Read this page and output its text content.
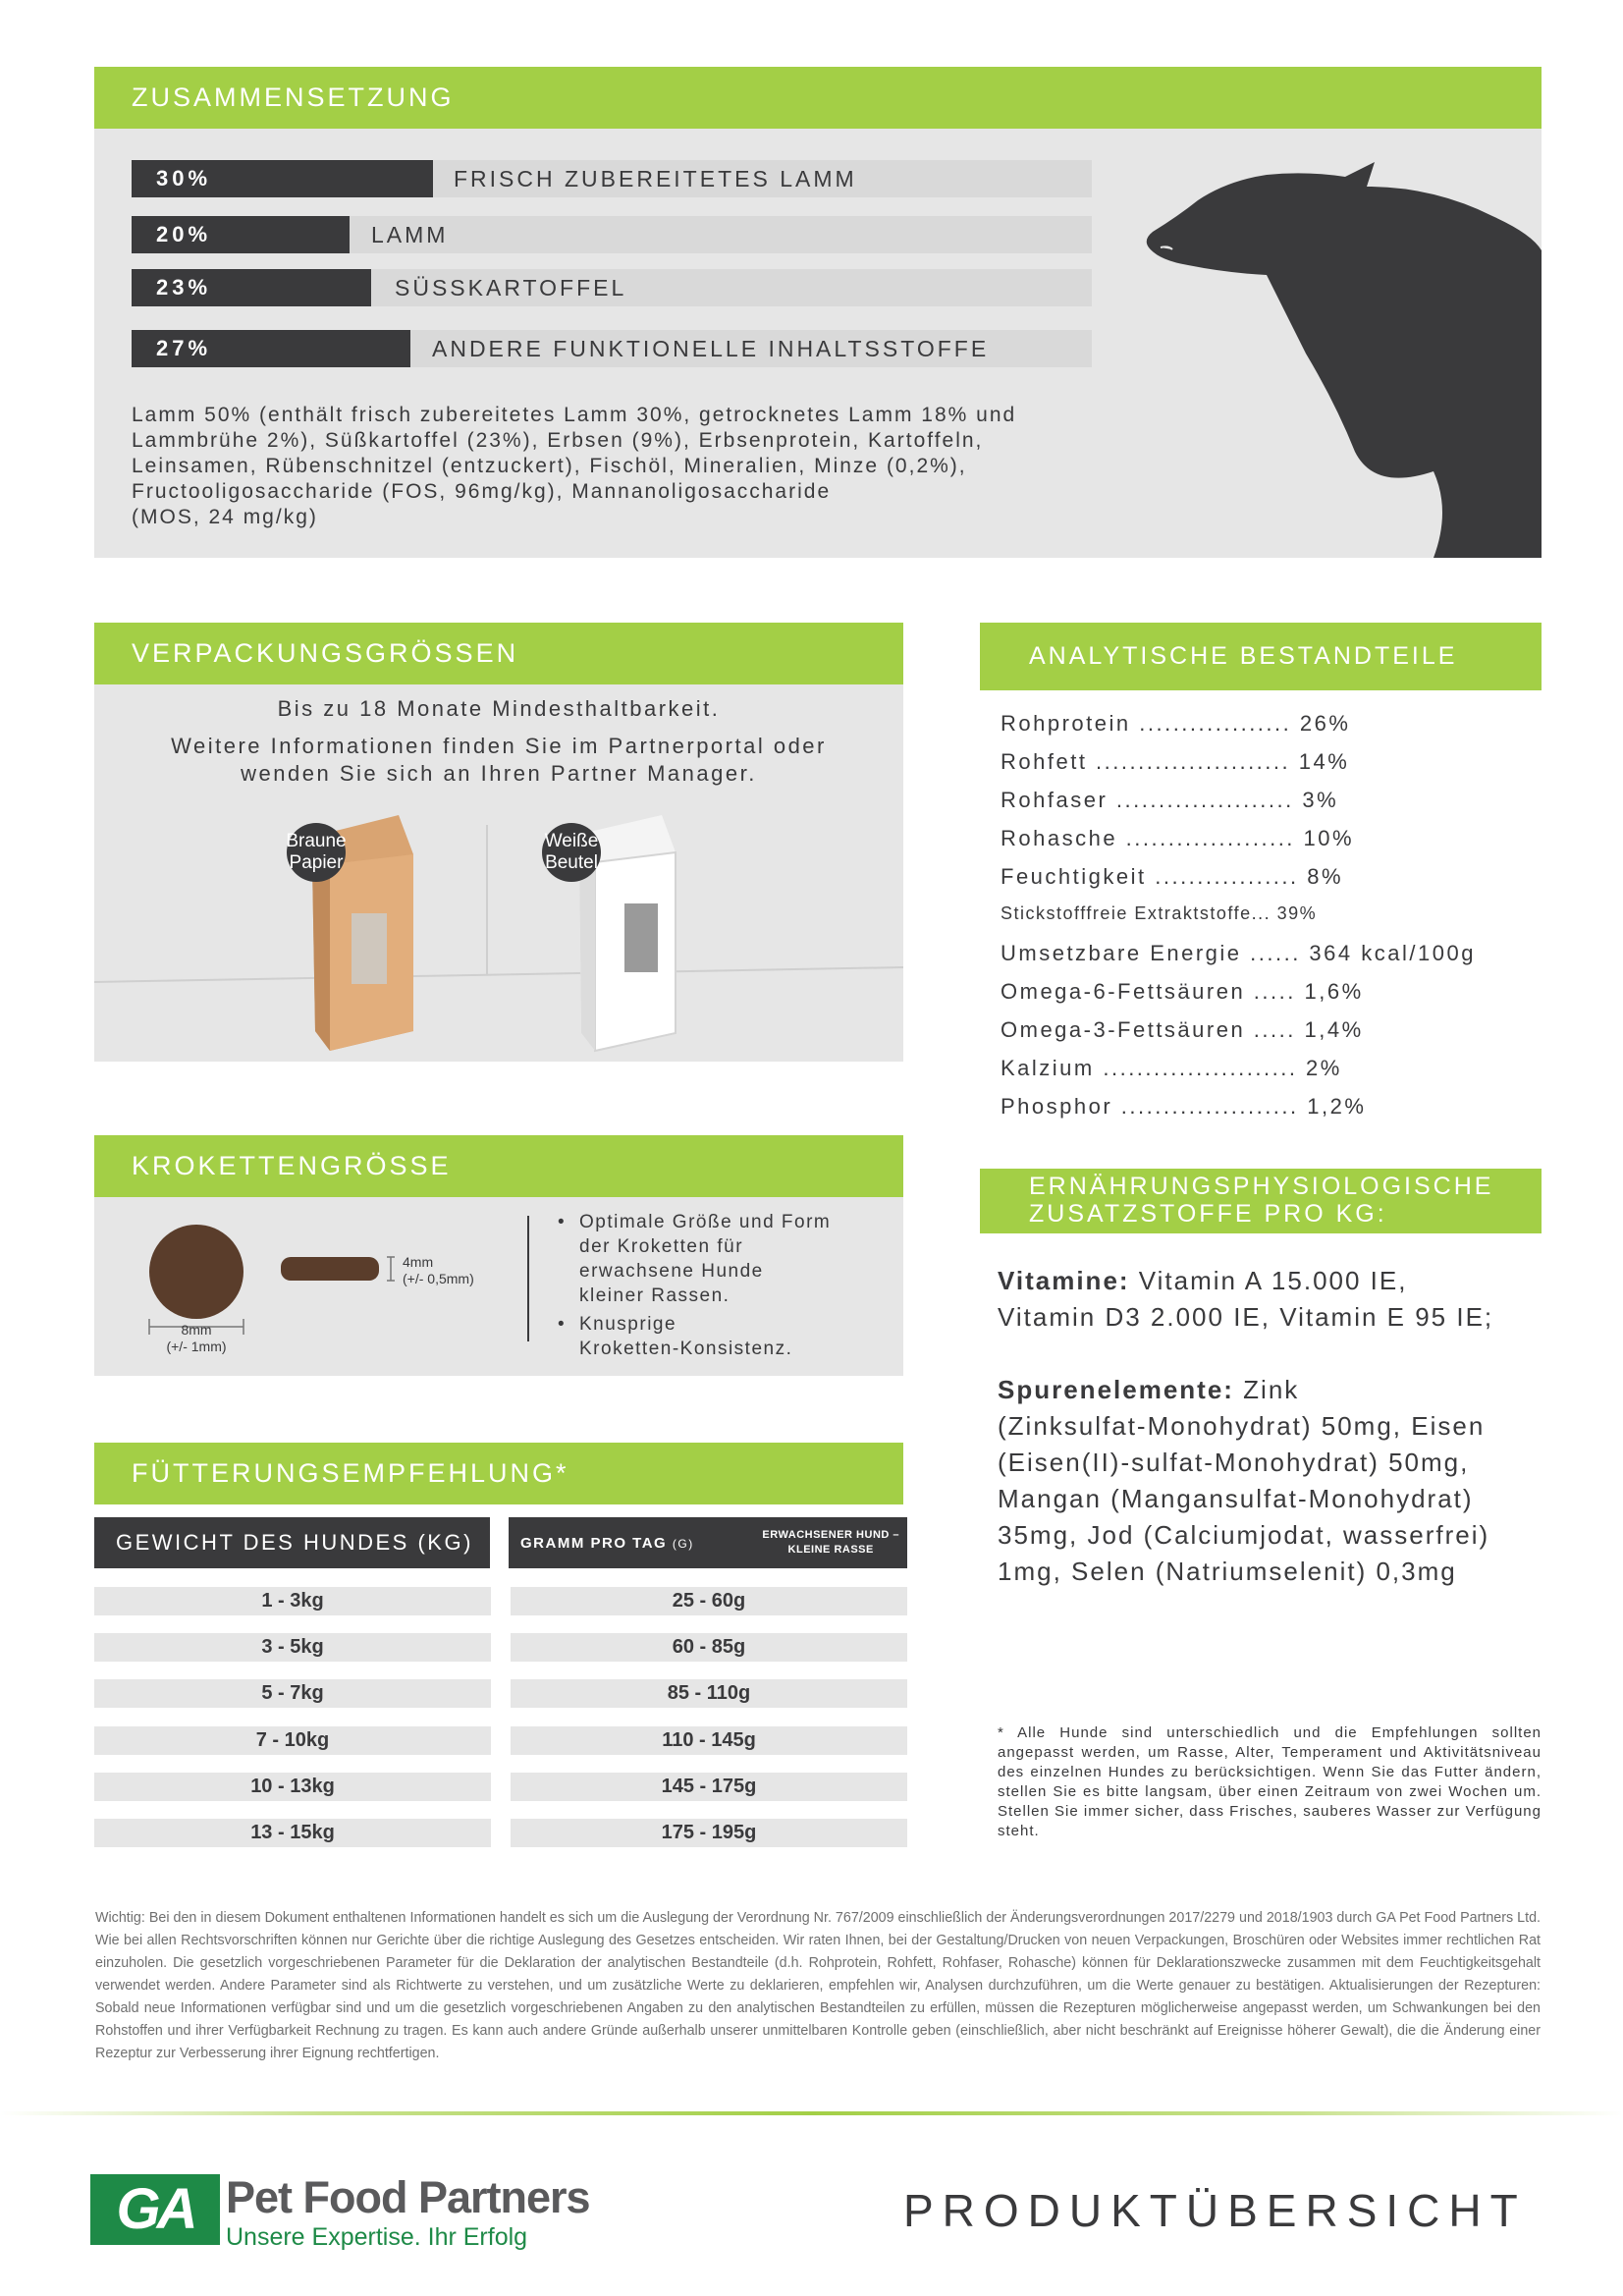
ZUSAMMENSETZUNG
30%	FRISCH ZUBEREITETES LAMM
20%	LAMM
23%	SÜSSKARTOFFEL
27%	ANDERE FUNKTIONELLE INHALTSSTOFFE
Lamm 50% (enthält frisch zubereitetes Lamm 30%, getrocknetes Lamm 18% und
Lammbrühe 2%), Süßkartoffel (23%), Erbsen (9%), Erbsenprotein, Kartoffeln,
Leinsamen, Rübenschnitzel (entzuckert), Fischöl, Mineralien, Minze (0,2%),
Fructooligosaccharide (FOS, 96mg/kg), Mannanoligosaccharide
(MOS, 24 mg/kg)
VERPACKUNGSGRÖSSEN
Bis zu 18 Monate Mindesthaltbarkeit.
Weitere Informationen finden Sie im Partnerportal oder
wenden Sie sich an Ihren Partner Manager.
Braune
Papier
Weiße
Beutel
KROKETTENGRÖSSE
8mm
(+/- 1mm)
4mm
(+/- 0,5mm)
• Optimale Größe und Form
der Kroketten für
erwachsene Hunde
kleiner Rassen.
• Knusprige
Kroketten-Konsistenz.
FÜTTERUNGSEMPFEHLUNG*
GEWICHT DES HUNDES (KG)	GRAMM PRO TAG (G)
ERWACHSENER HUND –
KLEINE RASSE
1 - 3kg	25 - 60g
3 - 5kg	60 - 85g
5 - 7kg	85 - 110g
7 - 10kg	110 - 145g
10 - 13kg	145 - 175g
13 - 15kg	175 - 195g
ANALYTISCHE BESTANDTEILE
Rohprotein .................. 26%
Rohfett ....................... 14%
Rohfaser ..................... 3%
Rohasche .................... 10%
Feuchtigkeit ................. 8%
Stickstofffreie Extraktstoffe... 39%
Umsetzbare Energie ...... 364 kcal/100g
Omega-6-Fettsäuren ..... 1,6%
Omega-3-Fettsäuren ..... 1,4%
Kalzium ....................... 2%
Phosphor ..................... 1,2%
ERNÄHRUNGSPHYSIOLOGISCHE
ZUSATZSTOFFE PRO KG:
Vitamine: Vitamin A 15.000 IE,
Vitamin D3 2.000 IE, Vitamin E 95 IE;
Spurenelemente: Zink
(Zinksulfat-Monohydrat) 50mg, Eisen
(Eisen(II)-sulfat-Monohydrat) 50mg,
Mangan (Mangansulfat-Monohydrat)
35mg, Jod (Calciumjodat, wasserfrei)
1mg, Selen (Natriumselenit) 0,3mg
* Alle Hunde sind unterschiedlich und die Empfehlungen sollten angepasst werden, um Rasse, Alter, Temperament und Aktivitätsniveau des einzelnen Hundes zu berücksichtigen. Wenn Sie das Futter ändern, stellen Sie es bitte langsam, über einen Zeitraum von zwei Wochen um. Stellen Sie immer sicher, dass Frisches, sauberes Wasser zur Verfügung steht.
Wichtig: Bei den in diesem Dokument enthaltenen Informationen handelt es sich um die Auslegung der Verordnung Nr. 767/2009 einschließlich der Änderungsverordnungen 2017/2279 und 2018/1903 durch GA Pet Food Partners Ltd. Wie bei allen Rechtsvorschriften können nur Gerichte über die richtige Auslegung des Gesetzes entscheiden. Wir raten Ihnen, bei der Gestaltung/Drucken von neuen Verpackungen, Broschüren oder Websites immer rechtlichen Rat einzuholen. Die gesetzlich vorgeschriebenen Parameter für die Deklaration der analytischen Bestandteile (d.h. Rohprotein, Rohfett, Rohfaser, Rohasche) können für Deklarationszwecke zusammen mit dem Feuchtigkeitsgehalt verwendet werden. Andere Parameter sind als Richtwerte zu verstehen, und um zusätzliche Werte zu deklarieren, empfehlen wir, Analysen durchzuführen, um die Werte genauer zu bestätigen. Aktualisierungen der Rezepturen: Sobald neue Informationen verfügbar sind und um die gesetzlich vorgeschriebenen Angaben zu den analytischen Bestandteilen zu erfüllen, müssen die Rezepturen möglicherweise angepasst werden, um Schwankungen bei den Rohstoffen und ihrer Verfügbarkeit Rechnung zu tragen. Es kann auch andere Gründe außerhalb unserer unmittelbaren Kontrolle geben (einschließlich, aber nicht beschränkt auf Ereignisse höherer Gewalt), die die Änderung einer Rezeptur zur Verbesserung ihrer Eignung rechtfertigen.
GA Pet Food Partners
Unsere Expertise. Ihr Erfolg
PRODUKTÜBERSICHT
